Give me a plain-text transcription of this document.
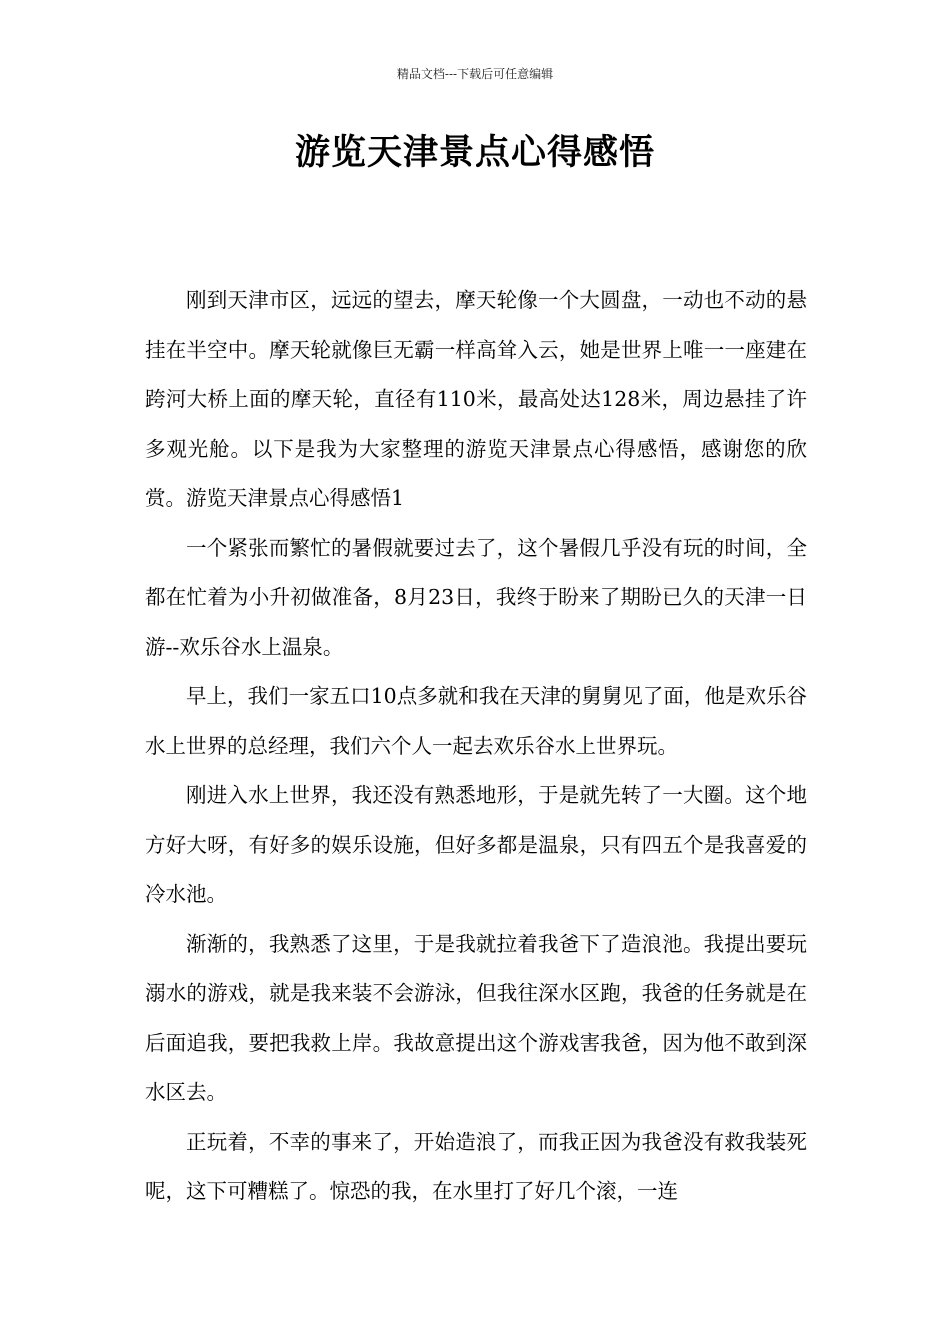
精品文档---下载后可任意编辑
游览天津景点心得感悟

刚到天津市区，远远的望去，摩天轮像一个大圆盘，一动也不动的悬挂在半空中。摩天轮就像巨无霸一样高耸入云，她是世界上唯一一座建在跨河大桥上面的摩天轮，直径有110米，最高处达128米，周边悬挂了许多观光舱。以下是我为大家整理的游览天津景点心得感悟，感谢您的欣赏。游览天津景点心得感悟1

一个紧张而繁忙的暑假就要过去了，这个暑假几乎没有玩的时间，全都在忙着为小升初做准备，8月23日，我终于盼来了期盼已久的天津一日游--欢乐谷水上温泉。

早上，我们一家五口10点多就和我在天津的舅舅见了面，他是欢乐谷水上世界的总经理，我们六个人一起去欢乐谷水上世界玩。

刚进入水上世界，我还没有熟悉地形，于是就先转了一大圈。这个地方好大呀，有好多的娱乐设施，但好多都是温泉，只有四五个是我喜爱的冷水池。

渐渐的，我熟悉了这里，于是我就拉着我爸下了造浪池。我提出要玩溺水的游戏，就是我来装不会游泳，但我往深水区跑，我爸的任务就是在后面追我，要把我救上岸。我故意提出这个游戏害我爸，因为他不敢到深水区去。

正玩着，不幸的事来了，开始造浪了，而我正因为我爸没有救我装死呢，这下可糟糕了。惊恐的我，在水里打了好几个滚，一连
